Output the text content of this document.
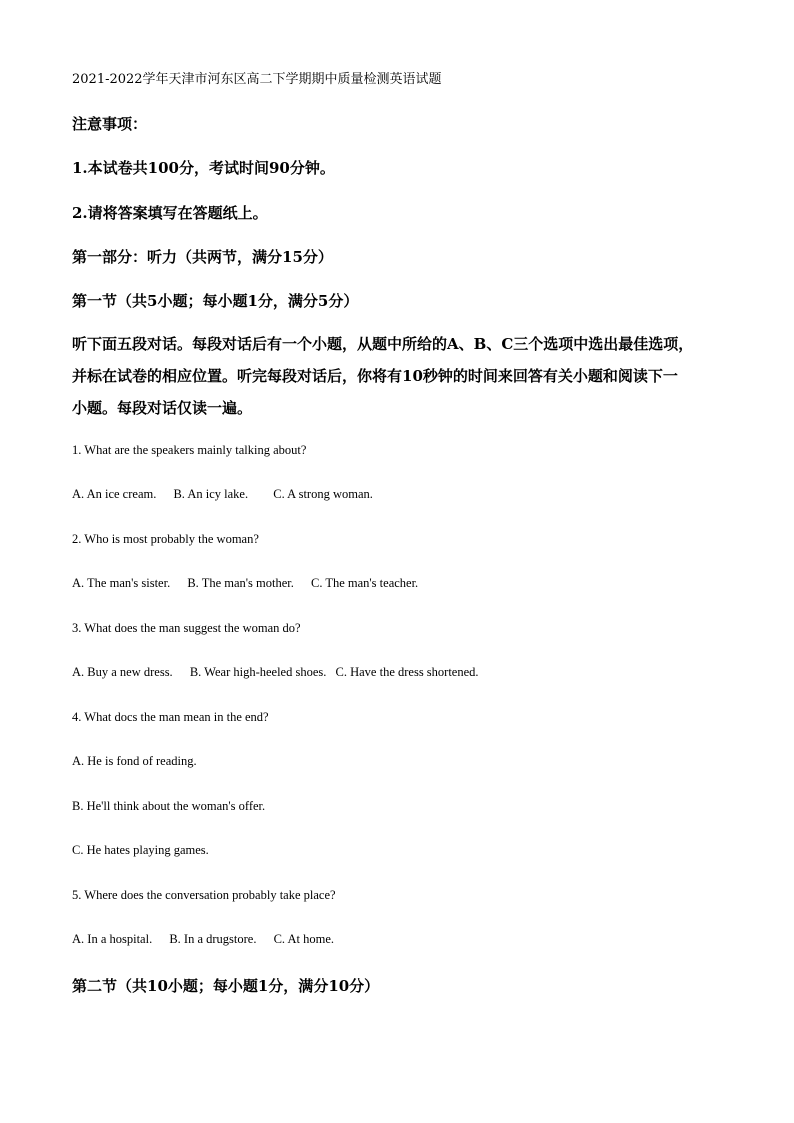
2021-2022学年天津市河东区高二下学期期中质量检测英语试题
注意事项：
1.本试卷共100分，考试时间90分钟。
2.请将答案填写在答题纸上。
第一部分：听力（共两节，满分15分）
第一节（共5小题；每小题1分，满分5分）
听下面五段对话。每段对话后有一个小题，从题中所给的A、B、C三个选项中选出最佳选项，
并标在试卷的相应位置。听完每段对话后，你将有10秒钟的时间来回答有关小题和阅读下一
小题。每段对话仅读一遍。
1. What are the speakers mainly talking about?
A. An ice cream. B. An icy lake. C. A strong woman.
2. Who is most probably the woman?
A. The man's sister. B. The man's mother. C. The man's teacher.
3. What does the man suggest the woman do?
A. Buy a new dress. B. Wear high-heeled shoes. C. Have the dress shortened.
4. What docs the man mean in the end?
A. He is fond of reading.
B. He'll think about the woman's offer.
C. He hates playing games.
5. Where does the conversation probably take place?
A. In a hospital. B. In a drugstore. C. At home.
第二节（共10小题；每小题1分，满分10分）
